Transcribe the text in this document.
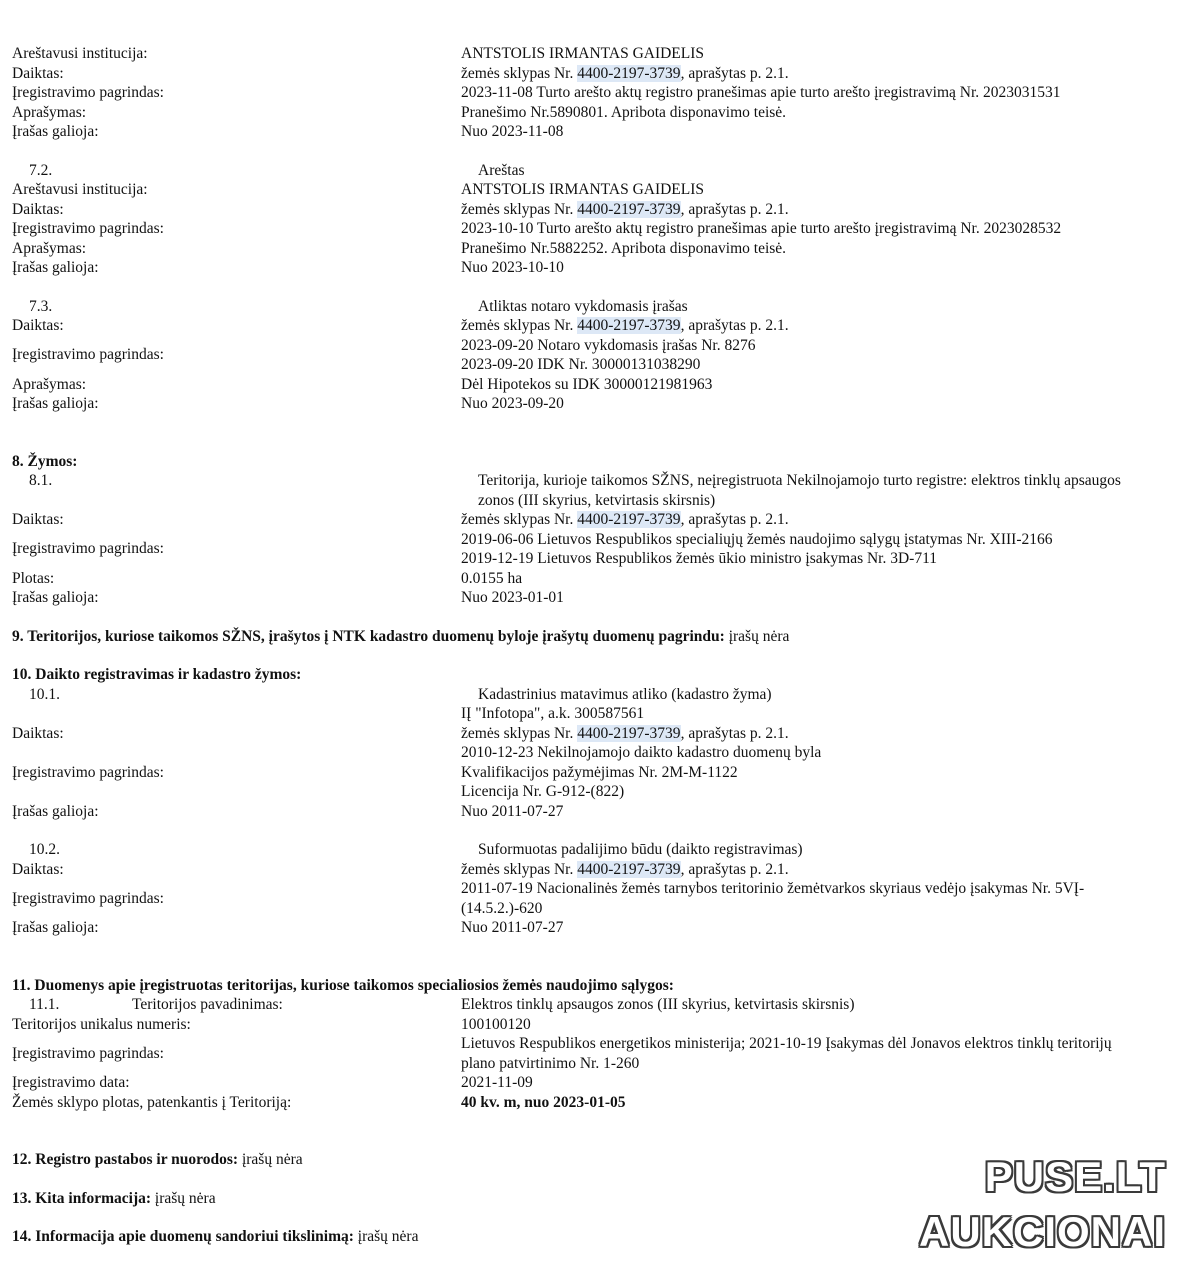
Areštavusi institucija:	ANTSTOLIS IRMANTAS GAIDELIS
Daiktas:	žemės sklypas Nr. 4400-2197-3739, aprašytas p. 2.1.
Įregistravimo pagrindas:	2023-11-08 Turto arešto aktų registro pranešimas apie turto arešto įregistravimą Nr. 2023031531
Aprašymas:	Pranešimo Nr.5890801. Apribota disponavimo teisė.
Įrašas galioja:	Nuo 2023-11-08
7.2.	Areštas
Areštavusi institucija:	ANTSTOLIS IRMANTAS GAIDELIS
Daiktas:	žemės sklypas Nr. 4400-2197-3739, aprašytas p. 2.1.
Įregistravimo pagrindas:	2023-10-10 Turto arešto aktų registro pranešimas apie turto arešto įregistravimą Nr. 2023028532
Aprašymas:	Pranešimo Nr.5882252. Apribota disponavimo teisė.
Įrašas galioja:	Nuo 2023-10-10
7.3.	Atliktas notaro vykdomasis įrašas
Daiktas:	žemės sklypas Nr. 4400-2197-3739, aprašytas p. 2.1.
Įregistravimo pagrindas:
2023-09-20 Notaro vykdomasis įrašas Nr. 8276
2023-09-20 IDK Nr. 30000131038290
Aprašymas:	Dėl Hipotekos su IDK 30000121981963
Įrašas galioja:	Nuo 2023-09-20
8. Žymos:
8.1.	Teritorija, kurioje taikomos SŽNS, neįregistruota Nekilnojamojo turto registre: elektros tinklų apsaugos zonos (III skyrius, ketvirtasis skirsnis)
Daiktas:	žemės sklypas Nr. 4400-2197-3739, aprašytas p. 2.1.
Įregistravimo pagrindas:
2019-06-06 Lietuvos Respublikos specialiųjų žemės naudojimo sąlygų įstatymas Nr. XIII-2166
2019-12-19 Lietuvos Respublikos žemės ūkio ministro įsakymas Nr. 3D-711
Plotas:	0.0155 ha
Įrašas galioja:	Nuo 2023-01-01
9. Teritorijos, kuriose taikomos SŽNS, įrašytos į NTK kadastro duomenų byloje įrašytų duomenų pagrindu: įrašų nėra
10. Daikto registravimas ir kadastro žymos:
10.1.	Kadastrinius matavimus atliko (kadastro žyma)
IĮ "Infotopa", a.k. 300587561
Daiktas:	žemės sklypas Nr. 4400-2197-3739, aprašytas p. 2.1.
Įregistravimo pagrindas:
2010-12-23 Nekilnojamojo daikto kadastro duomenų byla
Kvalifikacijos pažymėjimas Nr. 2M-M-1122
Licencija Nr. G-912-(822)
Įrašas galioja:	Nuo 2011-07-27
10.2.	Suformuotas padalijimo būdu (daikto registravimas)
Daiktas:	žemės sklypas Nr. 4400-2197-3739, aprašytas p. 2.1.
Įregistravimo pagrindas:
2011-07-19 Nacionalinės žemės tarnybos teritorinio žemėtvarkos skyriaus vedėjo įsakymas Nr. 5VĮ-(14.5.2.)-620
Įrašas galioja:	Nuo 2011-07-27
11. Duomenys apie įregistruotas teritorijas, kuriose taikomos specialiosios žemės naudojimo sąlygos:
11.1.	Teritorijos pavadinimas:	Elektros tinklų apsaugos zonos (III skyrius, ketvirtasis skirsnis)
Teritorijos unikalus numeris:	100100120
Įregistravimo pagrindas:
Lietuvos Respublikos energetikos ministerija; 2021-10-19 Įsakymas dėl Jonavos elektros tinklų teritorijų plano patvirtinimo Nr. 1-260
Įregistravimo data:	2021-11-09
Žemės sklypo plotas, patenkantis į Teritoriją:	40 kv. m, nuo 2023-01-05
12. Registro pastabos ir nuorodos: įrašų nėra
13. Kita informacija: įrašų nėra
14. Informacija apie duomenų sandoriui tikslinimą: įrašų nėra
PUSE.LT
AUKCIONAI
